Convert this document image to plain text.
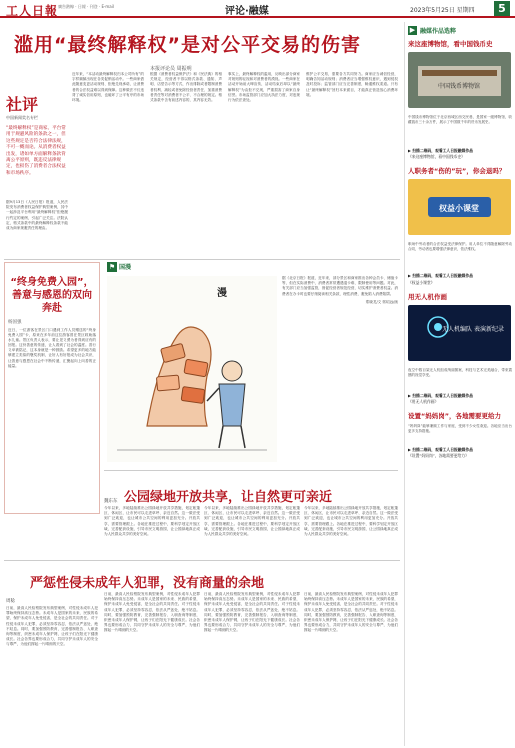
工人日報 廣告熱線 · 日報 · 刊登 · E-mail	评论·融媒	2023年5月25日 星期四	5
滥用“最终解释权”是对公平交易的伤害
本报评论员 周振明
社评
中国新闻奖名专栏
“最终解释权”是商家、平台常用于规避风险的条款之一，但这些规定是否符合法律法规，不可一概而论。从消费者权益出发，诸如单方面解释条款背离公平原则，既违反法律规定，也损伤了消费者合法权益和市场秩序。
据9月13日《人民日报》报道，人民法院发布消费者权益保护典型案例，其中一起涉及平台利用“最终解释权”拒绝履行约定的案例，引起广泛关注。法院认定，格式条款中的最终解释权条款不能成为商家规避责任的理由。
近年来，“本活动最终解释权归本公司所有”的字样频频出现在各类促销活动中。一些商家借此随意变更活动规则、拒绝兑现承诺，让消费者的合法权益难以得到保障。这种做法不仅违背了诚实信用原则，也破坏了公平有序的市场环境。
根据《消费者权益保护法》和《民法典》的相关规定，经营者不得以格式条款、通知、声明、店堂告示等方式，作出排除或者限制消费者权利、减轻或者免除经营者责任、加重消费者责任等对消费者不公平、不合理的规定。格式条款中含有前述内容的，其内容无效。
事实上，最终解释权的滥用，反映出部分商家对规则的轻视和对消费者的漠视。一些商家在活动开始前大肆宣传，活动结束后却以“最终解释权”为由拒不兑现，严重损害了商家自身信誉。市场监管部门应加大执法力度，对违规行为依法查处。
维护公平交易，需要各方共同努力。商家应当诚信经营，明确告知活动规则；消费者应当增强维权意识，遇到侵权及时投诉；监管部门应当完善制度，畅通维权渠道。只有让“最终解释权”回归本来面目，才能真正营造放心消费环境。
“终身免费入园”，善意与感恩的双向奔赴
杨国强
近日，一位游客在景区门口遇到工作人员赠送的“终身免费入园”卡，原来在多年前这位游客曾在景区救助落水儿童。景区负责人表示，要让见义勇为者得到应有的回报。这份善意的传递，让人看到了社会的温度。善行义举被铭记，这本身就是一种鼓励。希望更多的地方能够建立类似的褒奖机制，让好人有好报成为社会共识，让善意与感恩在社会中不断传递，汇聚起向上向善的正能量。
⚑ 国漫
漫
据《北京日报》报道，近年来，部分景区和商家推出各种会员卡、储值卡等，但在实际消费中，消费者常常遭遇退卡难、限制使用等问题。对此，有关部门应当加强监管，督促经营者规范经营，切实维护消费者权益。消费者在办卡时也要仔细阅读相关条款，理性消费，避免陷入消费陷阱。
郑晓龙/文 郭绍远/画
公园绿地开放共享，让自然更可亲近
魏东东
今年以来，多地陆续推出公园绿地开放共享措施，划定帐篷区、休闲区，让市民可以走进草坪、亲近自然。这一做法受到广泛欢迎，也让城市公共空间的利用更加充分。开放共享，需要管理跟上。各地在推进过程中，要科学划定开放区域，完善配套设施，引导市民文明游园，让公园绿地真正成为人民群众共享的美好空间。
今年以来，多地陆续推出公园绿地开放共享措施，划定帐篷区、休闲区，让市民可以走进草坪、亲近自然。这一做法受到广泛欢迎，也让城市公共空间的利用更加充分。开放共享，需要管理跟上。各地在推进过程中，要科学划定开放区域，完善配套设施，引导市民文明游园，让公园绿地真正成为人民群众共享的美好空间。
今年以来，多地陆续推出公园绿地开放共享措施，划定帐篷区、休闲区，让市民可以走进草坪、亲近自然。这一做法受到广泛欢迎，也让城市公共空间的利用更加充分。开放共享，需要管理跟上。各地在推进过程中，要科学划定开放区域，完善配套设施，引导市民文明游园，让公园绿地真正成为人民群众共享的美好空间。
严惩性侵未成年人犯罪，没有商量的余地
周稔
日前，最高人民检察院发布典型案例，对性侵未成年人犯罪始终保持高压态势。未成年人是国家的未来、民族的希望，保护未成年人免受侵害，是全社会的共同责任。对于性侵未成年人犯罪，必须坚持零容忍，依法从严惩处，绝不姑息。同时，要加强预防教育，完善强制报告、入职查询等制度，织密未成年人保护网，让孩子们在阳光下健康成长。社会各界也要形成合力，共同守护未成年人的安全与尊严，为他们撑起一片晴朗的天空。
日前，最高人民检察院发布典型案例，对性侵未成年人犯罪始终保持高压态势。未成年人是国家的未来、民族的希望，保护未成年人免受侵害，是全社会的共同责任。对于性侵未成年人犯罪，必须坚持零容忍，依法从严惩处，绝不姑息。同时，要加强预防教育，完善强制报告、入职查询等制度，织密未成年人保护网，让孩子们在阳光下健康成长。社会各界也要形成合力，共同守护未成年人的安全与尊严，为他们撑起一片晴朗的天空。
日前，最高人民检察院发布典型案例，对性侵未成年人犯罪始终保持高压态势。未成年人是国家的未来、民族的希望，保护未成年人免受侵害，是全社会的共同责任。对于性侵未成年人犯罪，必须坚持零容忍，依法从严惩处，绝不姑息。同时，要加强预防教育，完善强制报告、入职查询等制度，织密未成年人保护网，让孩子们在阳光下健康成长。社会各界也要形成合力，共同守护未成年人的安全与尊严，为他们撑起一片晴朗的天空。
日前，最高人民检察院发布典型案例，对性侵未成年人犯罪始终保持高压态势。未成年人是国家的未来、民族的希望，保护未成年人免受侵害，是全社会的共同责任。对于性侵未成年人犯罪，必须坚持零容忍，依法从严惩处，绝不姑息。同时，要加强预防教育，完善强制报告、入职查询等制度，织密未成年人保护网，让孩子们在阳光下健康成长。社会各界也要形成合力，共同守护未成年人的安全与尊严，为他们撑起一片晴朗的天空。
▶ 融媒作品选粹
来这座博物馆，看中国钱币史
中国钱币博物馆
中国钱币博物馆位于北京西城区西交民巷，是国家一级博物馆，收藏钱币三十余万件，展示了中国数千年的货币发展史。
▶ 扫描二维码，观看工人日报融媒作品
《来这座博物馆，看中国钱币史》
人职务者“伤的”玩”，你会退吗？
权益小课堂
职场中劳动者的合法权益受法律保护。用人单位不得随意解除劳动合同，劳动者也要增强法律意识，依法维权。
▶ 扫描二维码，观看工人日报融媒作品
《权益小课堂》
用无人机作画
无人机编队 表演新纪录
夜空中数百架无人机组成绚丽图案，科技与艺术完美融合，带来震撼的视觉享受。
▶ 扫描二维码，观看工人日报融媒作品
《用无人机作画》
设置“妈妈岗”，各地需要更给力
“妈妈岗”能够兼顾工作与家庭，受到不少女性欢迎。各地应当出台更多支持措施。
▶ 扫描二维码，观看工人日报融媒作品
《设置“妈妈岗”，各地需要更给力》
